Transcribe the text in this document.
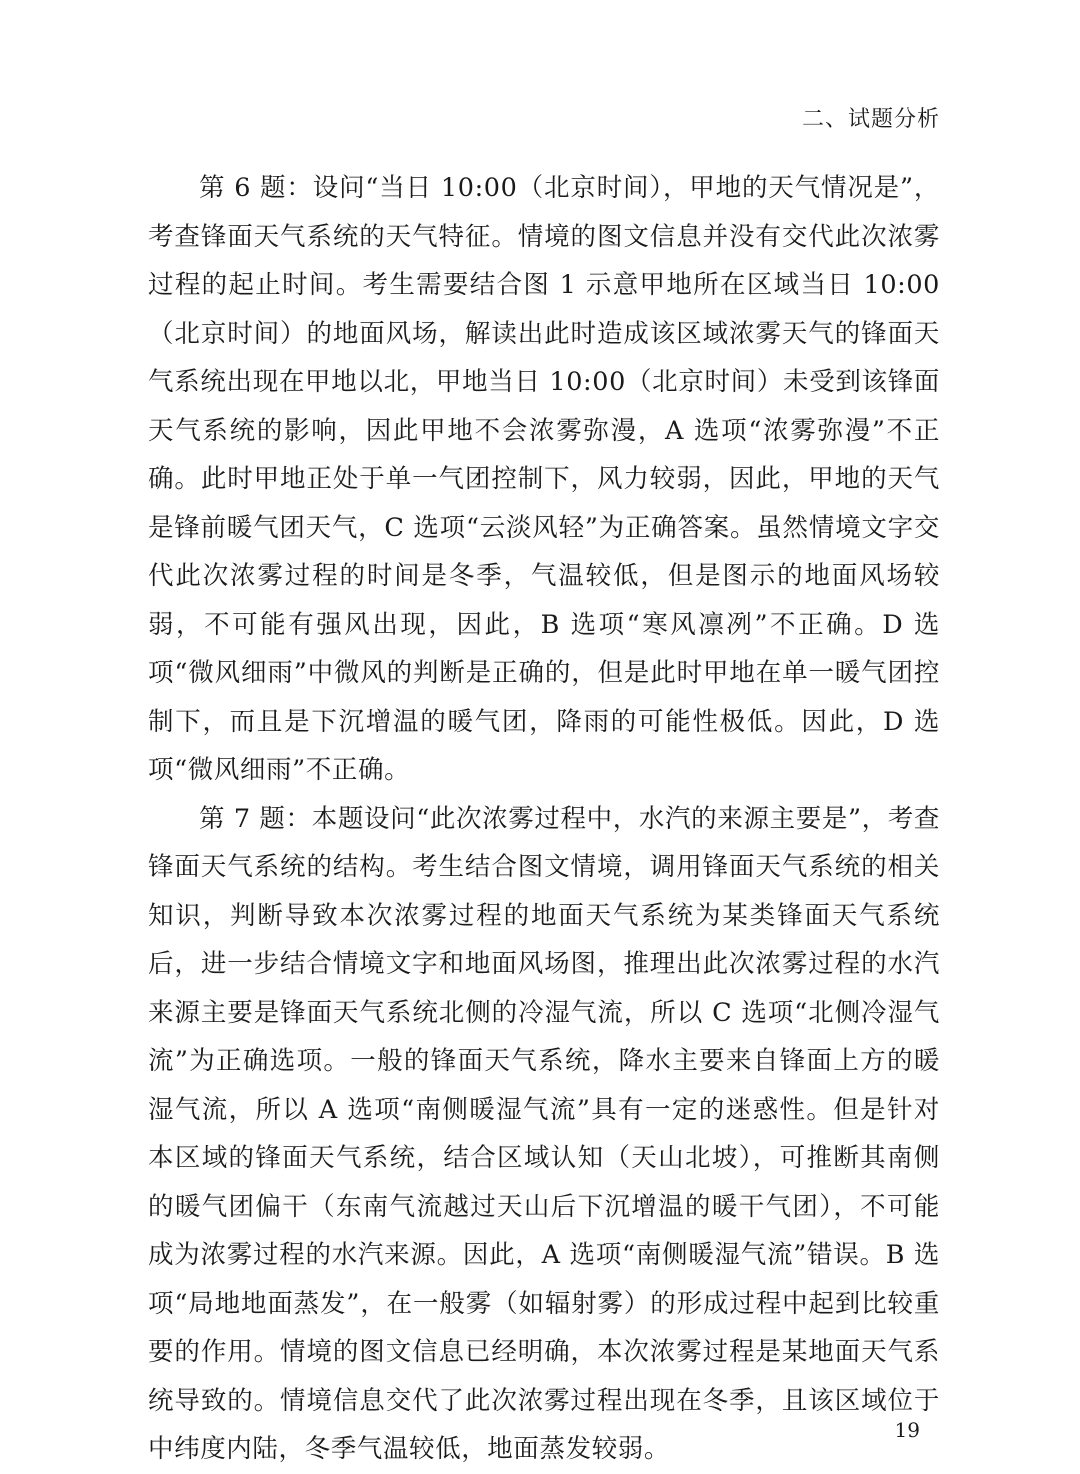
二、试题分析

第 6 题：设问“当日 10:00（北京时间），甲地的天气情况是”，考查锋面天气系统的天气特征。情境的图文信息并没有交代此次浓雾过程的起止时间。考生需要结合图 1 示意甲地所在区域当日 10:00（北京时间）的地面风场，解读出此时造成该区域浓雾天气的锋面天气系统出现在甲地以北，甲地当日 10:00（北京时间）未受到该锋面天气系统的影响，因此甲地不会浓雾弥漫，A 选项“浓雾弥漫”不正确。此时甲地正处于单一气团控制下，风力较弱，因此，甲地的天气是锋前暖气团天气，C 选项“云淡风轻”为正确答案。虽然情境文字交代此次浓雾过程的时间是冬季，气温较低，但是图示的地面风场较弱，不可能有强风出现，因此，B 选项“寒风凛冽”不正确。D 选项“微风细雨”中微风的判断是正确的，但是此时甲地在单一暖气团控制下，而且是下沉增温的暖气团，降雨的可能性极低。因此，D 选项“微风细雨”不正确。

第 7 题：本题设问“此次浓雾过程中，水汽的来源主要是”，考查锋面天气系统的结构。考生结合图文情境，调用锋面天气系统的相关知识，判断导致本次浓雾过程的地面天气系统为某类锋面天气系统后，进一步结合情境文字和地面风场图，推理出此次浓雾过程的水汽来源主要是锋面天气系统北侧的冷湿气流，所以 C 选项“北侧冷湿气流”为正确选项。一般的锋面天气系统，降水主要来自锋面上方的暖湿气流，所以 A 选项“南侧暖湿气流”具有一定的迷惑性。但是针对本区域的锋面天气系统，结合区域认知（天山北坡），可推断其南侧的暖气团偏干（东南气流越过天山后下沉增温的暖干气团），不可能成为浓雾过程的水汽来源。因此，A 选项“南侧暖湿气流”错误。B 选项“局地地面蒸发”，在一般雾（如辐射雾）的形成过程中起到比较重要的作用。情境的图文信息已经明确，本次浓雾过程是某地面天气系统导致的。情境信息交代了此次浓雾过程出现在冬季，且该区域位于中纬度内陆，冬季气温较低，地面蒸发较弱。

19
